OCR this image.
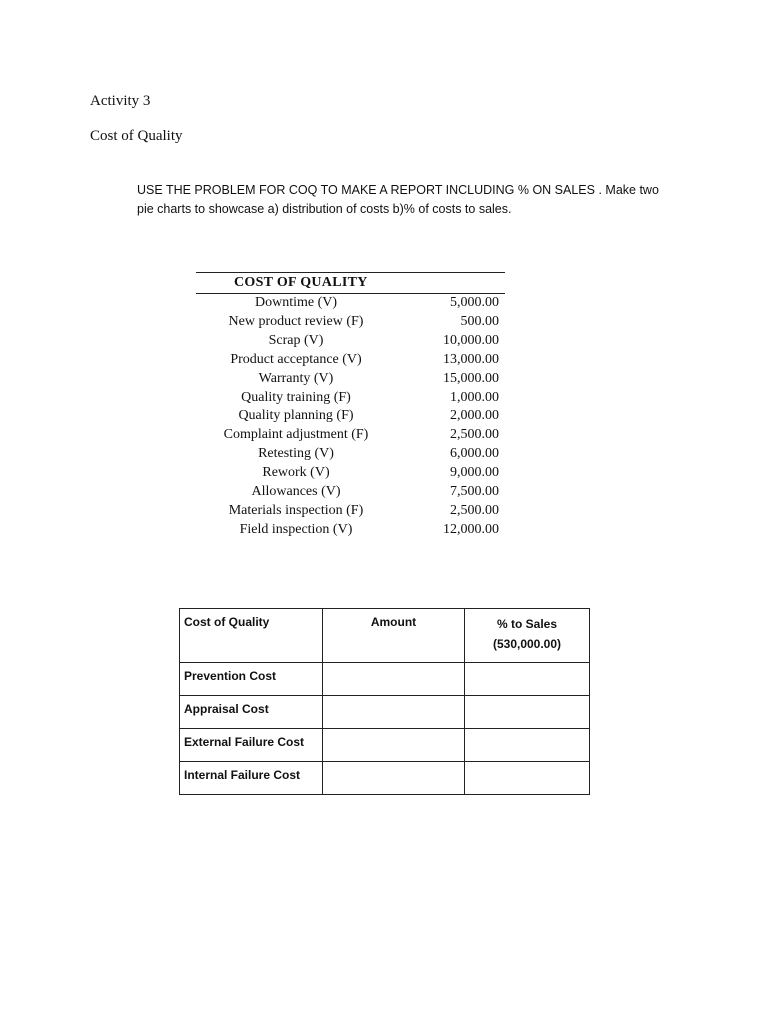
Activity 3
Cost of Quality

USE THE PROBLEM FOR COQ TO MAKE A REPORT INCLUDING % ON SALES . Make two

pie charts to showcase a) distribution of costs b)% of costs to sales.

COST OF QUALITY	
Downtime (V)	5,000.00
New product review (F)	500.00
Scrap (V)	10,000.00
Product acceptance (V)	13,000.00
Warranty (V)	15,000.00
Quality training (F)	1,000.00
Quality planning (F)	2,000.00
Complaint adjustment (F)	2,500.00
Retesting (V)	6,000.00
Rework (V)	9,000.00
Allowances (V)	7,500.00
Materials inspection (F)	2,500.00
Field inspection (V)	12,000.00
Cost of Quality	Amount	% to Sales
(530,000.00)

Prevention Cost		
Appraisal Cost		
External Failure Cost		
Internal Failure Cost		
